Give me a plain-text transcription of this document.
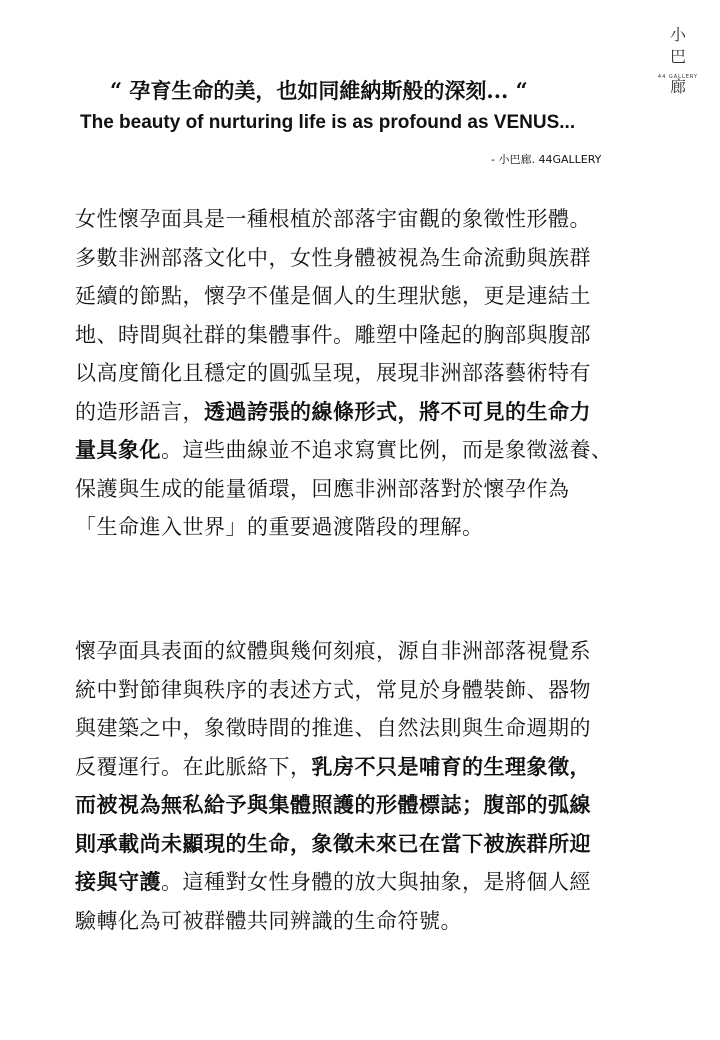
小
巴
44 GALLERY
廊
“ 孕育生命的美，也如同維納斯般的深刻... “
The beauty of nurturing life is as profound as VENUS...
- 小巴廊. 44GALLERY
女性懷孕面具是一種根植於部落宇宙觀的象徵性形體。
多數非洲部落文化中，女性身體被視為生命流動與族群
延續的節點，懷孕不僅是個人的生理狀態，更是連結土
地、時間與社群的集體事件。雕塑中隆起的胸部與腹部
以高度簡化且穩定的圓弧呈現，展現非洲部落藝術特有
的造形語言，透過誇張的線條形式，將不可見的生命力
量具象化。這些曲線並不追求寫實比例，而是象徵滋養、
保護與生成的能量循環，回應非洲部落對於懷孕作為
「生命進入世界」的重要過渡階段的理解。
懷孕面具表面的紋體與幾何刻痕，源自非洲部落視覺系
統中對節律與秩序的表述方式，常見於身體裝飾、器物
與建築之中，象徵時間的推進、自然法則與生命週期的
反覆運行。在此脈絡下，乳房不只是哺育的生理象徵，
而被視為無私給予與集體照護的形體標誌；腹部的弧線
則承載尚未顯現的生命，象徵未來已在當下被族群所迎
接與守護。這種對女性身體的放大與抽象，是將個人經
驗轉化為可被群體共同辨識的生命符號。
